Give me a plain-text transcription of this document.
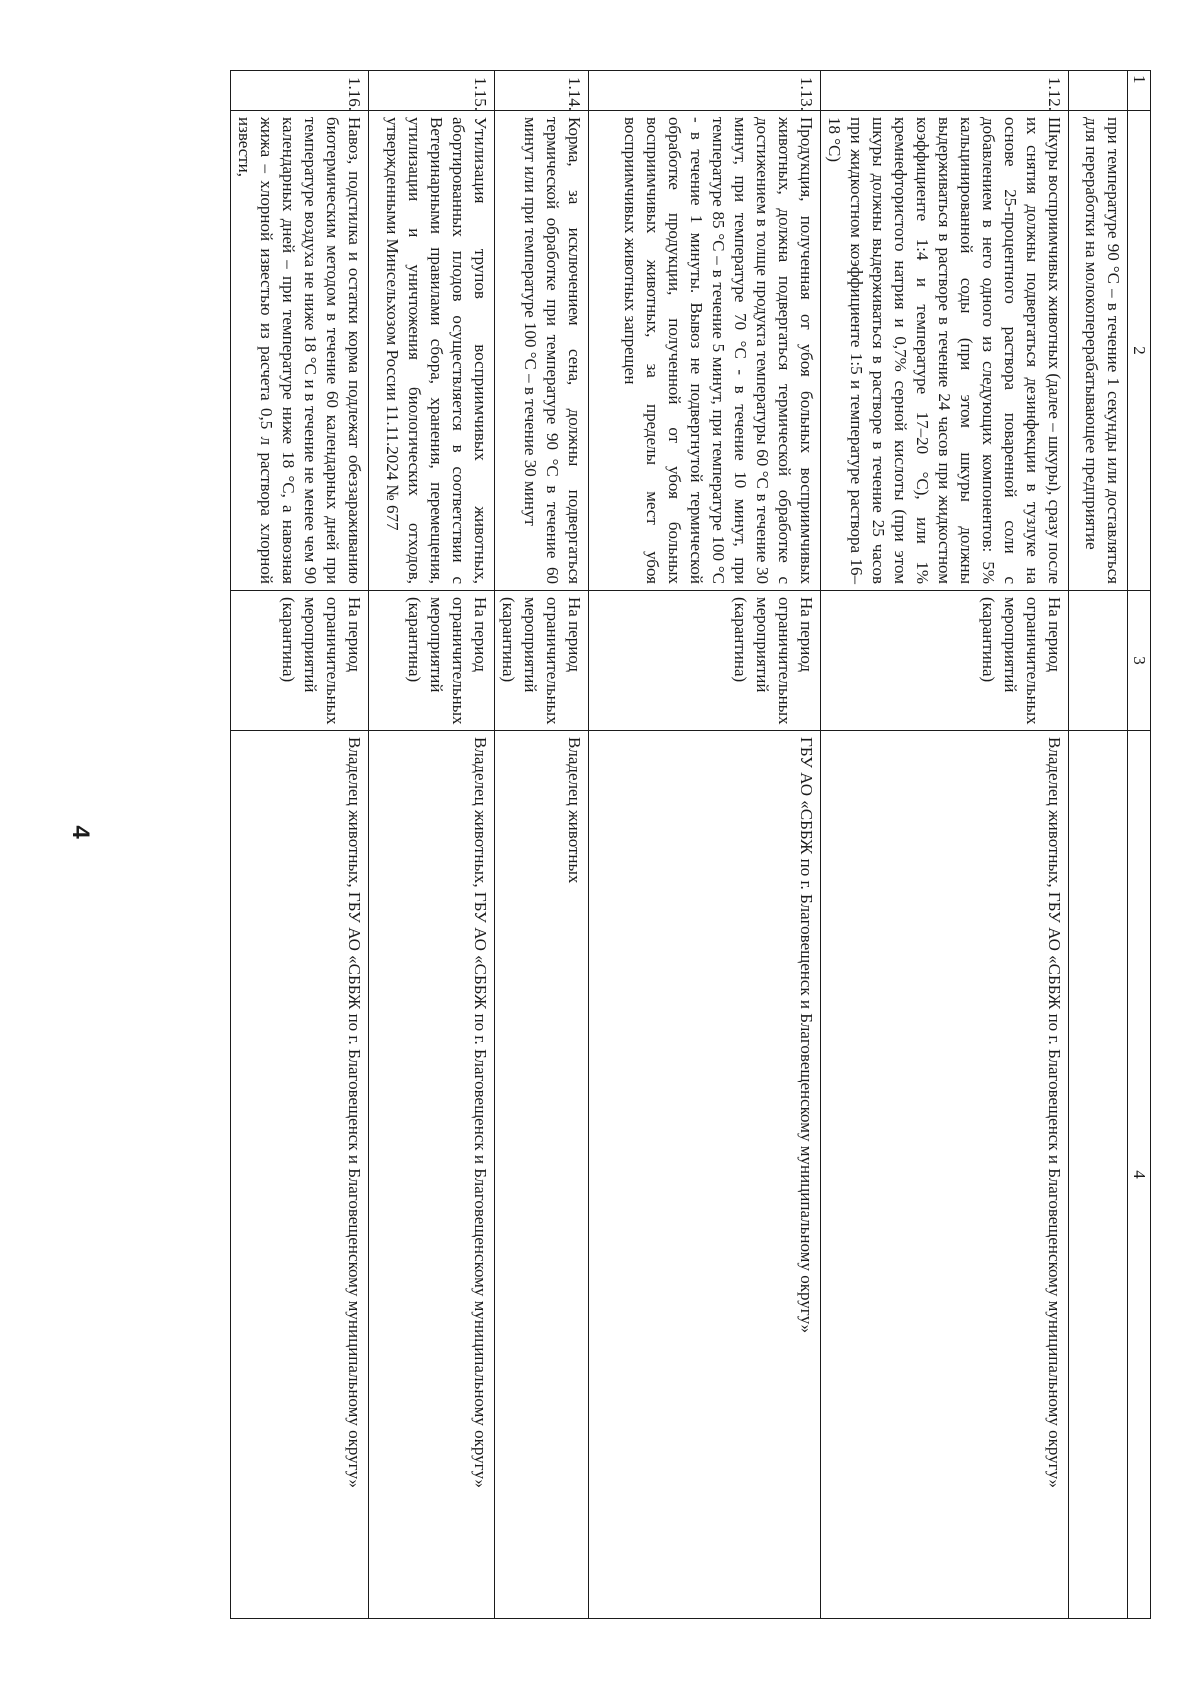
4
1	2	3	4
	при температуре 90 °C – в течение 1 секунды или доставляться для переработки на молокоперерабатывающее предприятие		
1.12.	Шкуры восприимчивых животных (далее – шкуры), сразу после их снятия должны подвергаться дезинфекции в тузлуке на основе 25-процентного раствора поваренной соли с добавлением в него одного из следующих компонентов: 5% кальцинированной соды (при этом шкуры должны выдерживаться в растворе в течение 24 часов при жидкостном коэффициенте 1:4 и температуре 17–20 °C), или 1% кремнефтористого натрия и 0,7% серной кислоты (при этом шкуры должны выдерживаться в растворе в течение 25 часов при жидкостном коэффициенте 1:5 и температуре раствора 16–18 °C)	На период ограничительных мероприятий (карантина)	Владелец животных, ГБУ АО «СББЖ по г. Благовещенск и Благовещенскому муниципальному округу»
1.13.	Продукция, полученная от убоя больных восприимчивых животных, должна подвергаться термической обработке с достижением в толще продукта температуры 60 °C в течение 30 минут, при температуре 70 °C - в течение 10 минут, при температуре 85 °C – в течение 5 минут, при температуре 100 °C - в течение 1 минуты. Вывоз не подвергнутой термической обработке продукции, полученной от убоя больных восприимчивых животных, за пределы мест убоя восприимчивых животных запрещен	На период ограничительных мероприятий (карантина)	ГБУ АО «СББЖ по г. Благовещенск и Благовещенскому муниципальному округу»
1.14.	Корма, за исключением сена, должны подвергаться термической обработке при температуре 90 °C в течение 60 минут или при температуре 100 °C – в течение 30 минут	На период ограничительных мероприятий (карантина)	Владелец животных
1.15.	Утилизация трупов восприимчивых животных, абортированных плодов осуществляется в соответствии с Ветеринарными правилами сбора, хранения, перемещения, утилизации и уничтожения биологических отходов, утвержденными Минсельхозом России 11.11.2024 № 677	На период ограничительных мероприятий (карантина)	Владелец животных, ГБУ АО «СББЖ по г. Благовещенск и Благовещенскому муниципальному округу»
1.16.	Навоз, подстилка и остатки корма подлежат обеззараживанию биотермическим методом в течение 60 календарных дней при температуре воздуха не ниже 18 °C и в течение не менее чем 90 календарных дней – при температуре ниже 18 °C, а навозная жижа – хлорной известью из расчета 0,5 л раствора хлорной извести,	На период ограничительных мероприятий (карантина)	Владелец животных, ГБУ АО «СББЖ по г. Благовещенск и Благовещенскому муниципальному округу»
